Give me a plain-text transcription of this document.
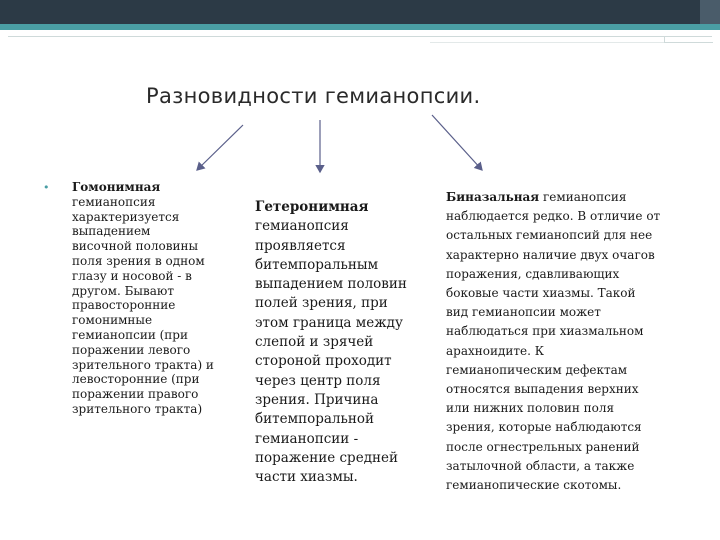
Разновидности гемианопсии.
•	Гомонимная
гемианопсия
характеризуется
выпадением
височной половины
поля зрения в одном
глазу и носовой - в
другом. Бывают
правосторонние
гомонимные
гемианопсии (при
поражении левого
зрительного тракта) и
левосторонние (при
поражении правого
зрительного тракта)
Гетеронимная
гемианопсия
проявляется
битемпоральным
выпадением половин
полей зрения, при
этом граница между
слепой и зрячей
стороной проходит
через центр поля
зрения. Причина
битемпоральной
гемианопсии -
поражение средней
части хиазмы.
Биназальная гемианопсия
наблюдается редко. В отличие от
остальных гемианопсий для нее
характерно наличие двух очагов
поражения, сдавливающих
боковые части хиазмы. Такой
вид гемианопсии может
наблюдаться при хиазмальном
арахноидите. К
гемианопическим дефектам
относятся выпадения верхних
или нижних половин поля
зрения, которые наблюдаются
после огнестрельных ранений
затылочной области, а также
гемианопические скотомы.
